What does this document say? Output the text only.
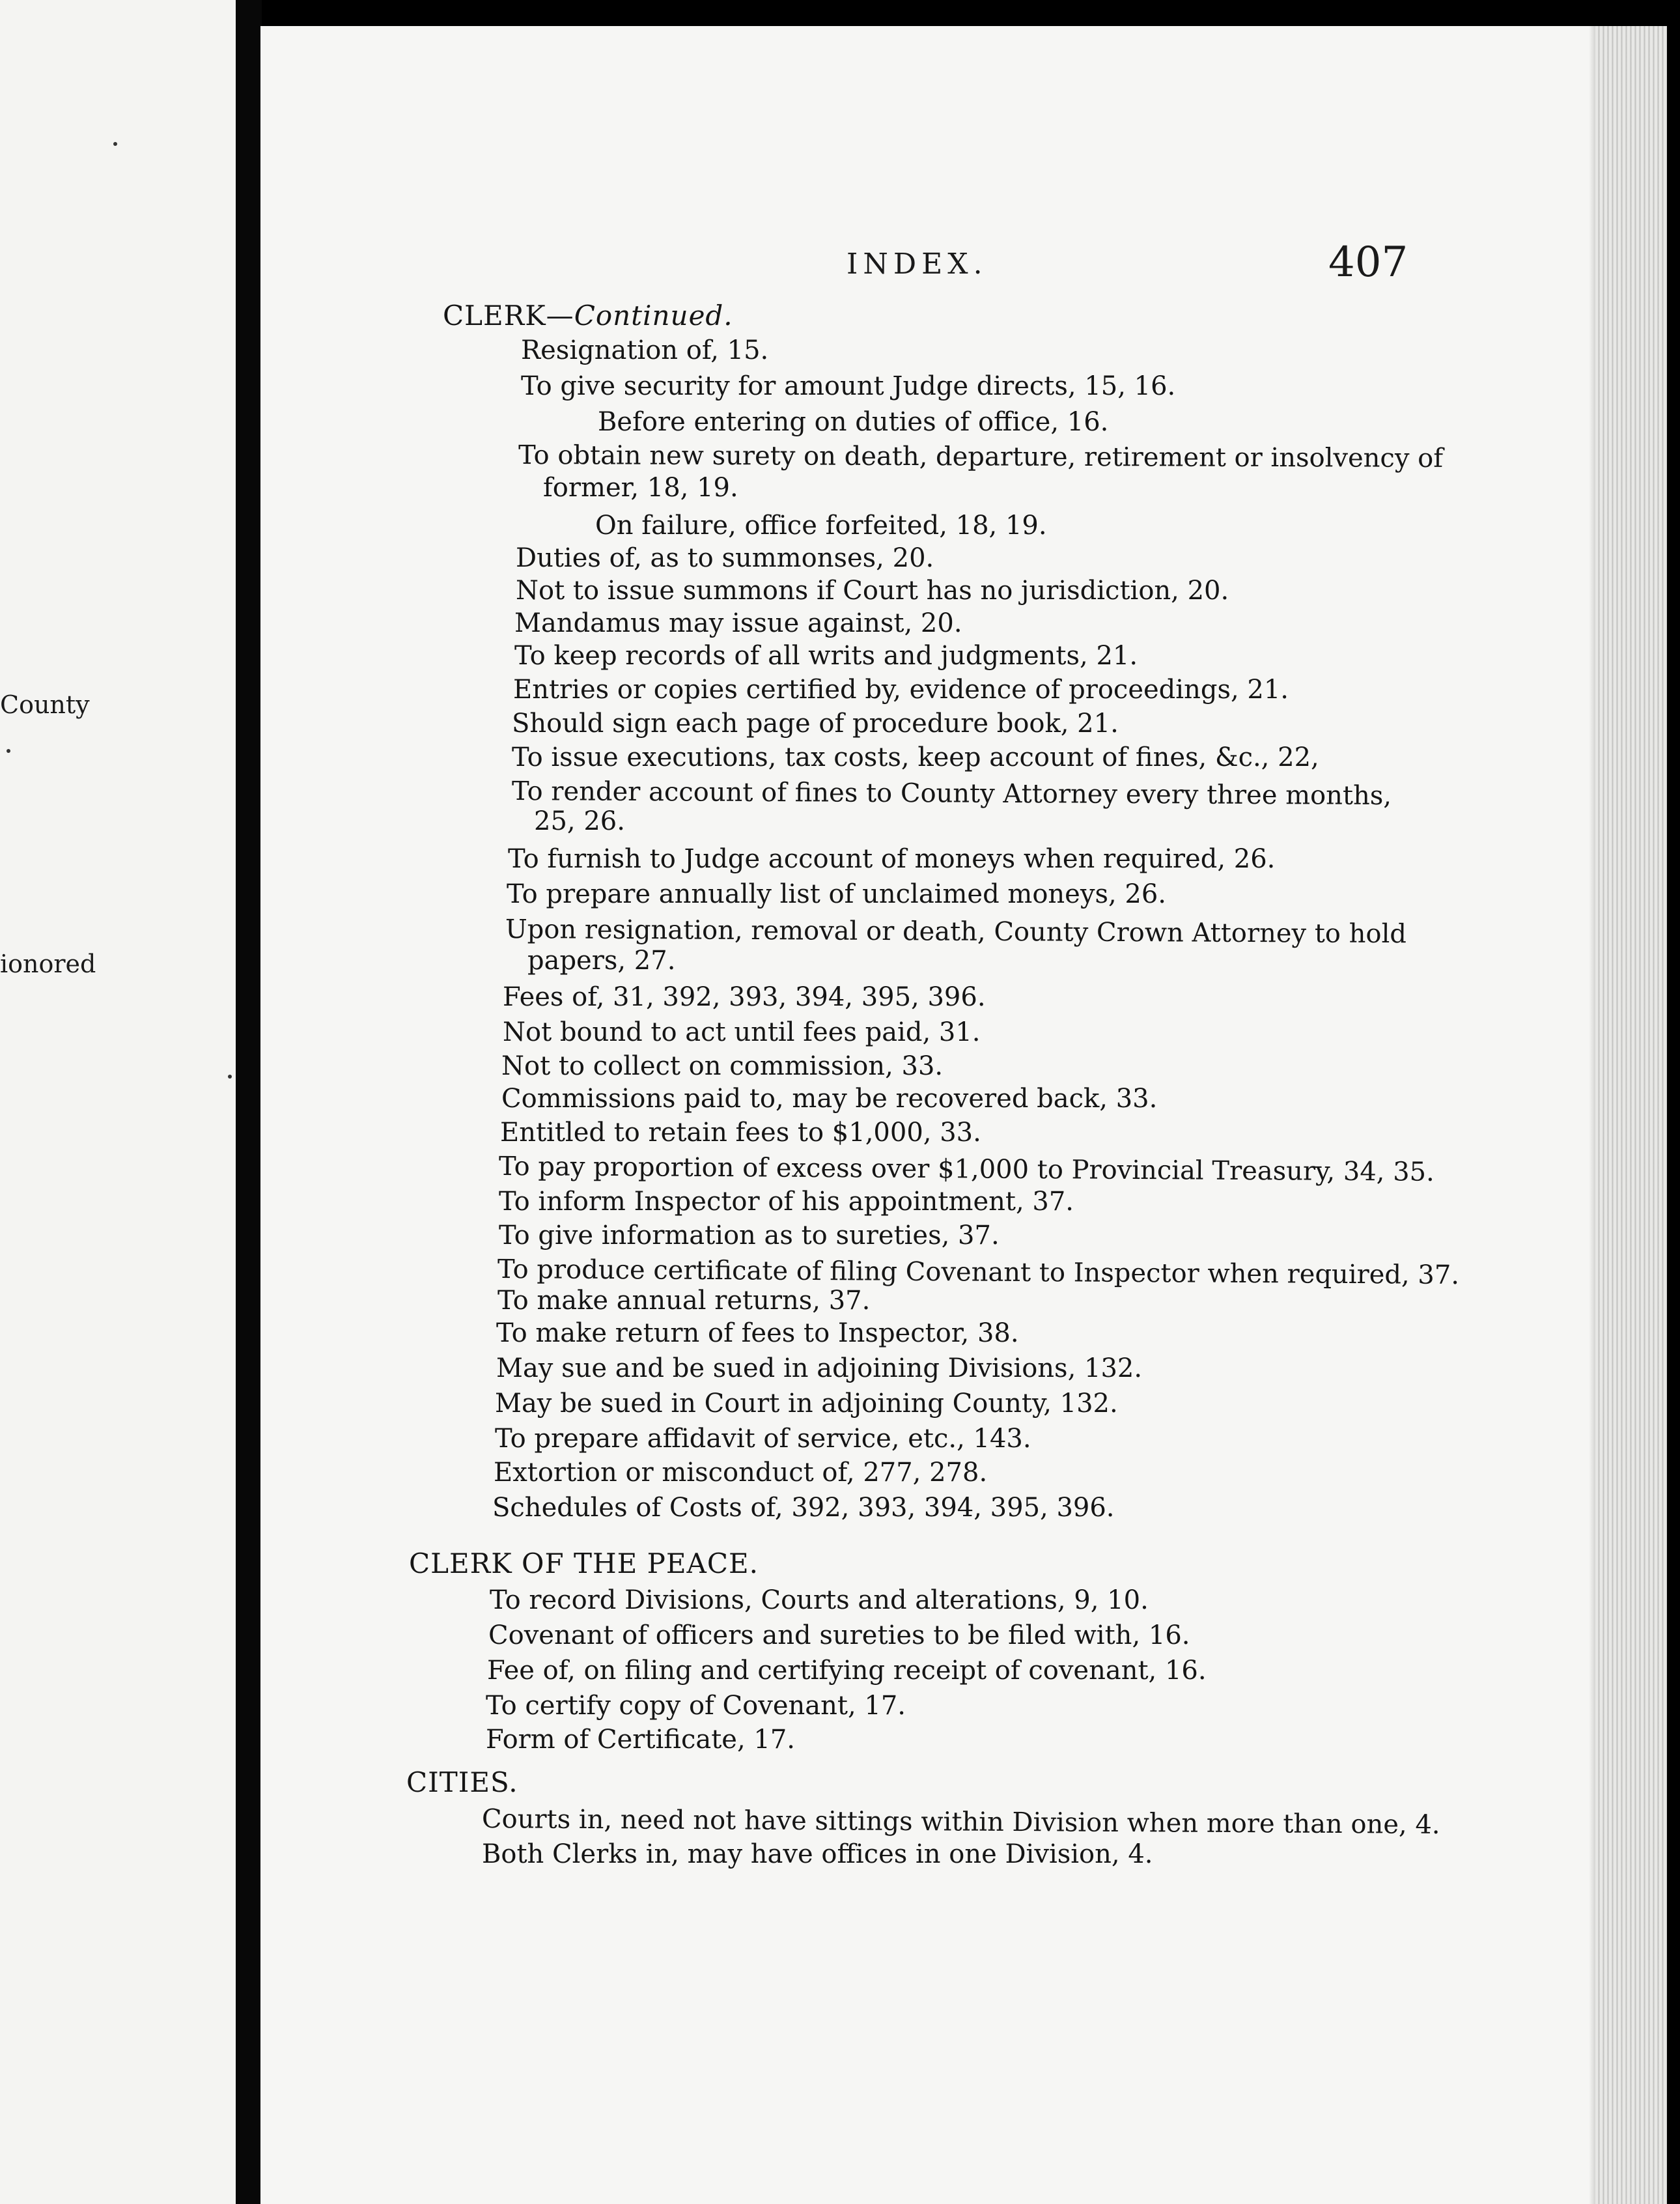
County
ionored
INDEX.	407
CLERK—Continued.
Resignation of, 15.
To give security for amount Judge directs, 15, 16.
Before entering on duties of office, 16.
To obtain new surety on death, departure, retirement or insolvency of
former, 18, 19.
On failure, office forfeited, 18, 19.
Duties of, as to summonses, 20.
Not to issue summons if Court has no jurisdiction, 20.
Mandamus may issue against, 20.
To keep records of all writs and judgments, 21.
Entries or copies certified by, evidence of proceedings, 21.
Should sign each page of procedure book, 21.
To issue executions, tax costs, keep account of fines, &c., 22,
To render account of fines to County Attorney every three months,
25, 26.
To furnish to Judge account of moneys when required, 26.
To prepare annually list of unclaimed moneys, 26.
Upon resignation, removal or death, County Crown Attorney to hold
papers, 27.
Fees of, 31, 392, 393, 394, 395, 396.
Not bound to act until fees paid, 31.
Not to collect on commission, 33.
Commissions paid to, may be recovered back, 33.
Entitled to retain fees to $1,000, 33.
To pay proportion of excess over $1,000 to Provincial Treasury, 34, 35.
To inform Inspector of his appointment, 37.
To give information as to sureties, 37.
To produce certificate of filing Covenant to Inspector when required, 37.
To make annual returns, 37.
To make return of fees to Inspector, 38.
May sue and be sued in adjoining Divisions, 132.
May be sued in Court in adjoining County, 132.
To prepare affidavit of service, etc., 143.
Extortion or misconduct of, 277, 278.
Schedules of Costs of, 392, 393, 394, 395, 396.
CLERK OF THE PEACE.
To record Divisions, Courts and alterations, 9, 10.
Covenant of officers and sureties to be filed with, 16.
Fee of, on filing and certifying receipt of covenant, 16.
To certify copy of Covenant, 17.
Form of Certificate, 17.
CITIES.
Courts in, need not have sittings within Division when more than one, 4.
Both Clerks in, may have offices in one Division, 4.
